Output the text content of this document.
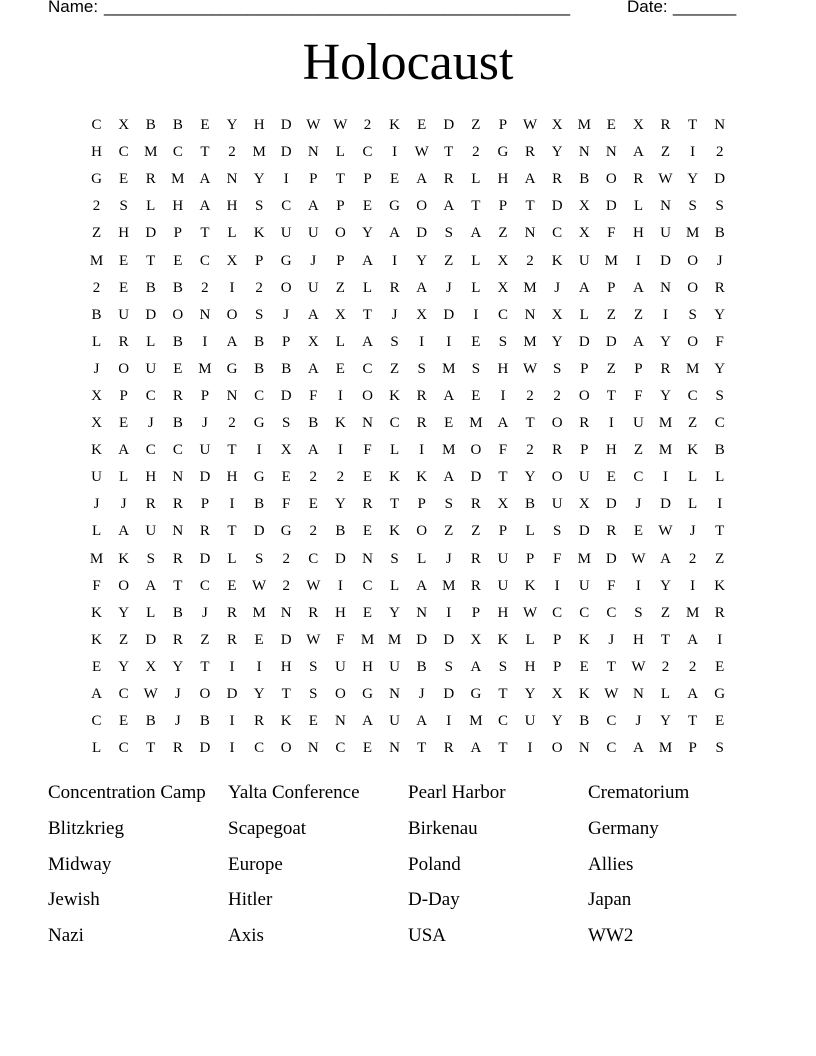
Name: ____________________________________________________	Date: _______
Holocaust
C	X	B	B	E	Y	H	D W W	2	K	E	D	Z	P	W X	M	E	X	R	T	N
H	C	M	C	T	2	M	D	N	L	C	I	W	T	2	G	R	Y	N	N	A	Z	I	2
G	E	R	M	A	N	Y	I	P	T	P	E	A	R	L	H	A	R	B	O	R	W Y	D
2	S	L	H	A	H	S	C	A	P	E	G	O	A	T	P	T	D	X	D	L	N	S	S
Z	H	D	P	T	L	K	U	U	O	Y	A	D	S	A	Z	N	C	X	F	H	U	M	B
M	E	T	E	C	X	P	G	J	P	A	I	Y	Z	L	X	2	K	U	M	I	D	O	J
2	E	B	B	2	I	2	O	U	Z	L	R	A	J	L	X	M	J	A	P	A	N	O	R
B	U	D	O	N	O	S	J	A	X	T	J	X	D	I	C	N	X	L	Z	Z	I	S	Y
L	R	L	B	I	A	B	P	X	L	A	S	I	I	E	S	M	Y	D	D	A	Y	O	F
J	O	U	E	M	G	B	B	A	E	C	Z	S	M	S	H W	S	P	Z	P	R	M	Y
X	P	C	R	P	N	C	D	F	I	O	K	R	A	E	I	2	2	O	T	F	Y	C	S
X	E	J	B	J	2	G	S	B	K	N	C	R	E	M	A	T	O	R	I	U	M	Z	C
K	A	C	C	U	T	I	X	A	I	F	L	I	M	O	F	2	R	P	H	Z	M	K	B
U	L	H	N	D	H	G	E	2	2	E	K	K	A	D	T	Y	O	U	E	C	I	L	L
J	J	R	R	P	I	B	F	E	Y	R	T	P	S	R	X	B	U	X	D	J	D	L	I
L	A	U	N	R	T	D	G	2	B	E	K	O	Z	Z	P	L	S	D	R	E	W	J	T
M	K	S	R	D	L	S	2	C	D	N	S	L	J	R	U	P	F	M	D W A	2	Z
F	O	A	T	C	E	W	2	W	I	C	L	A	M	R	U	K	I	U	F	I	Y	I	K
K	Y	L	B	J	R	M	N	R	H	E	Y	N	I	P	H W	C	C	C	S	Z	M	R
K	Z	D	R	Z	R	E	D W	F	M M	D	D	X	K	L	P	K	J	H	T	A	I
E	Y	X	Y	T	I	I	H	S	U	H	U	B	S	A	S	H	P	E	T	W	2	2	E
A	C	W	J	O	D	Y	T	S	O	G	N	J	D	G	T	Y	X	K W N	L	A	G
C	E	B	J	B	I	R	K	E	N	A	U	A	I	M	C	U	Y	B	C	J	Y	T	E
L	C	T	R	D	I	C	O	N	C	E	N	T	R	A	T	I	O	N	C	A	M	P	S
Concentration Camp	Yalta Conference	Pearl Harbor	Crematorium
Blitzkrieg	Scapegoat	Birkenau	Germany
Midway	Europe	Poland	Allies
Jewish	Hitler	D-Day	Japan
Nazi	Axis	USA	WW2
